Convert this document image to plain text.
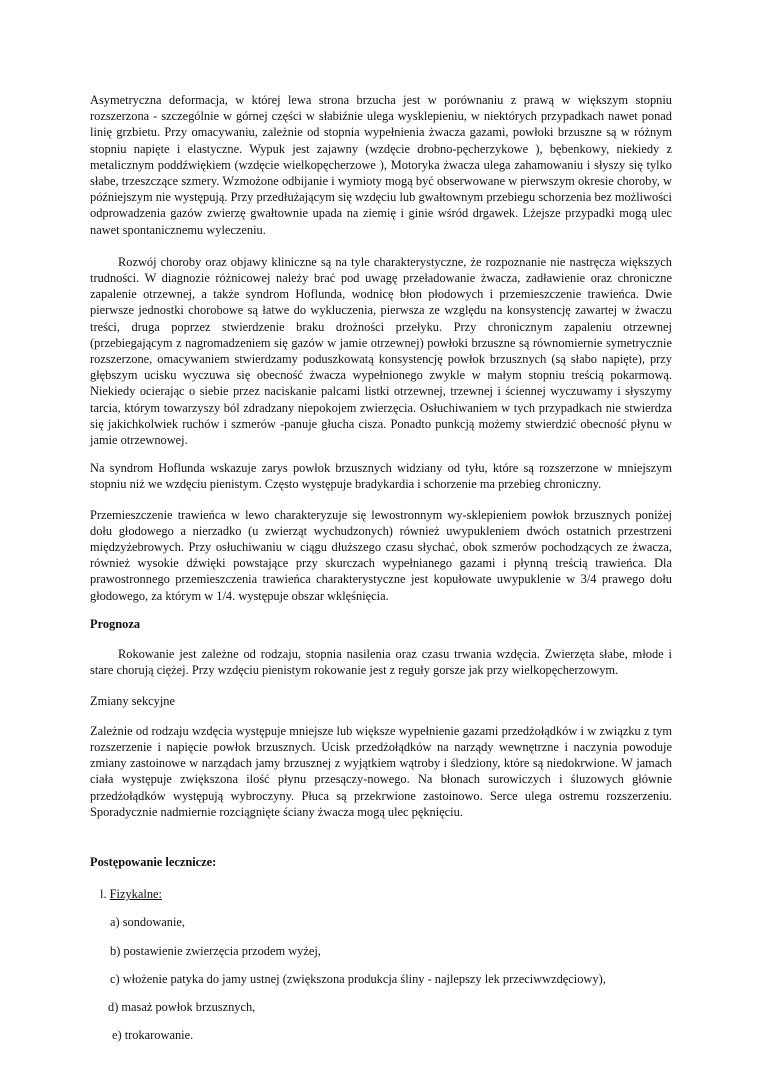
Asymetryczna deformacja, w której lewa strona brzucha jest w porównaniu z prawą w większym stopniu rozszerzona - szczególnie w górnej części w słabiźnie ulega wysklepieniu, w niektórych przypadkach nawet ponad linię grzbietu. Przy omacywaniu, zależnie od stopnia wypełnienia żwacza gazami, powłoki brzuszne są w różnym stopniu napięte i elastyczne. Wypuk jest zajawny (wzdęcie drobno-pęcherzykowe ), bębenkowy, niekiedy z metalicznym poddźwiękiem (wzdęcie wielkopęcherzowe ), Motoryka żwacza ulega zahamowaniu i słyszy się tylko słabe, trzeszczące szmery. Wzmożone odbijanie i wymioty mogą być obserwowane w pierwszym okresie choroby, w późniejszym nie występują. Przy przedłużającym się wzdęciu lub gwałtownym przebiegu schorzenia bez możliwości odprowadzenia gazów zwierzę gwałtownie upada na ziemię i ginie wśród drgawek. Lżejsze przypadki mogą ulec nawet spontanicznemu wyleczeniu.

Rozwój choroby oraz objawy kliniczne są na tyle charakterystyczne, że rozpoznanie nie nastręcza większych trudności. W diagnozie różnicowej należy brać pod uwagę przeładowanie żwacza, zadławienie oraz chroniczne zapalenie otrzewnej, a także syndrom Hoflunda, wodnicę błon płodowych i przemieszczenie trawieńca. Dwie pierwsze jednostki chorobowe są łatwe do wykluczenia, pierwsza ze względu na konsystencję zawartej w żwaczu treści, druga poprzez stwierdzenie braku drożności przełyku. Przy chronicznym zapaleniu otrzewnej (przebiegającym z nagromadzeniem się gazów w jamie otrzewnej) powłoki brzuszne są równomiernie symetrycznie rozszerzone, omacywaniem stwierdzamy poduszkowatą konsystencję powłok brzusznych (są słabo napięte), przy głębszym ucisku wyczuwa się obecność żwacza wypełnionego zwykle w małym stopniu treścią pokarmową. Niekiedy ocierając o siebie przez naciskanie palcami listki otrzewnej, trzewnej i ściennej wyczuwamy i słyszymy tarcia, którym towarzyszy ból zdradzany niepokojem zwierzęcia. Osłuchiwaniem w tych przypadkach nie stwierdza się jakichkolwiek ruchów i szmerów -panuje głucha cisza. Ponadto punkcją możemy stwierdzić obecność płynu w jamie otrzewnowej.

Na syndrom Hoflunda wskazuje zarys powłok brzusznych widziany od tyłu, które są rozszerzone w mniejszym stopniu niż we wzdęciu pienistym. Często występuje bradykardia i schorzenie ma przebieg chroniczny.

Przemieszczenie trawieńca w lewo charakteryzuje się lewostronnym wy-sklepieniem powłok brzusznych poniżej dołu głodowego a nierzadko (u zwierząt wychudzonych) również uwypukleniem dwóch ostatnich przestrzeni międzyżebrowych. Przy osłuchiwaniu w ciągu dłuższego czasu słychać, obok szmerów pochodzących ze żwacza, również wysokie dźwięki powstające przy skurczach wypełnianego gazami i płynną treścią trawieńca. Dla prawostronnego przemieszczenia trawieńca charakterystyczne jest kopułowate uwypuklenie w 3/4 prawego dołu głodowego, za którym w 1/4. występuje obszar wklęśnięcia.

Prognoza

Rokowanie jest zależne od rodzaju, stopnia nasilenia oraz czasu trwania wzdęcia. Zwierzęta słabe, młode i stare chorują ciężej. Przy wzdęciu pienistym rokowanie jest z reguły gorsze jak przy wielkopęcherzowym.

Zmiany sekcyjne

Zależnie od rodzaju wzdęcia występuje mniejsze lub większe wypełnienie gazami przedżołądków i w związku z tym rozszerzenie i napięcie powłok brzusznych. Ucisk przedżołądków na narządy wewnętrzne i naczynia powoduje zmiany zastoinowe w narządach jamy brzusznej z wyjątkiem wątroby i śledziony, które są niedokrwione. W jamach ciała występuje zwiększona ilość płynu przesączy-nowego. Na błonach surowiczych i śluzowych głównie przedżołądków występują wybroczyny. Płuca są przekrwione zastoinowo. Serce ulega ostremu rozszerzeniu. Sporadycznie nadmiernie rozciągnięte ściany żwacza mogą ulec pęknięciu.

Postępowanie lecznicze:

l. Fizykalne:
a) sondowanie,
b) postawienie zwierzęcia przodem wyżej,
c) włożenie patyka do jamy ustnej (zwiększona produkcja śliny - najlepszy lek przeciwwzdęciowy),
d) masaż powłok brzusznych,
e) trokarowanie.
